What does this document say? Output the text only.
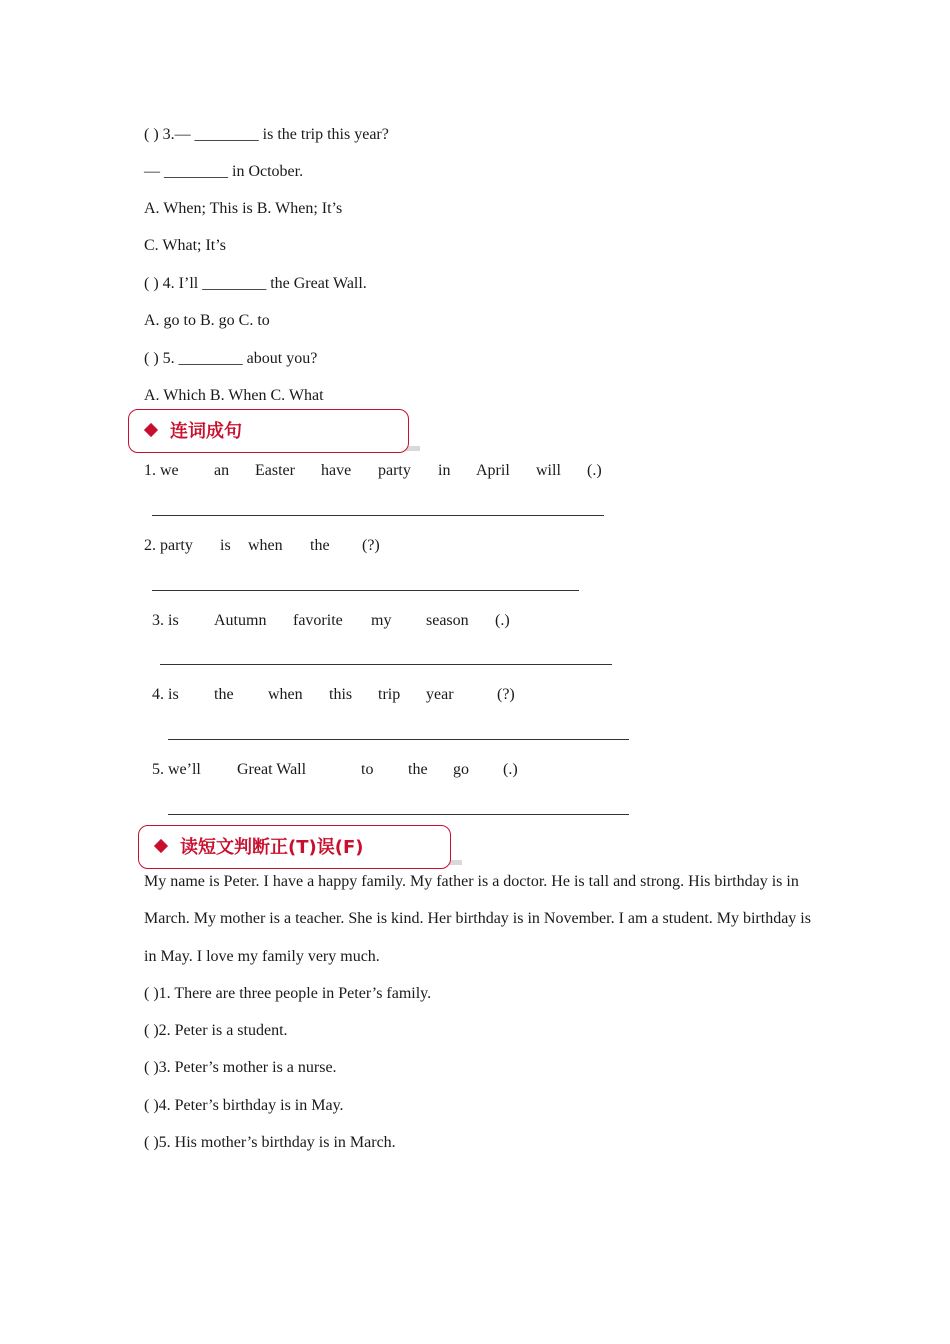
( ) 3.— ________ is the trip this year?
— ________ in October.
A. When; This is B. When; It’s
C. What; It’s
( ) 4. I’ll ________ the Great Wall.
A. go to B. go C. to
( ) 5. ________ about you?
A. Which B. When C. What
连词成句
1. we an Easter have party in April will (.)
2. party is when the (?)
3. is Autumn favorite my season (.)
4. is the when this trip year	(?)
5. we’ll Great Wall	to the go (.)
读短文判断正(T)误(F)
My name is Peter. I have a happy family. My father is a doctor. He is tall and strong. His birthday is in March. My mother is a teacher. She is kind. Her birthday is in November. I am a student. My birthday is in May. I love my family very much.
( )1. There are three people in Peter’s family.
( )2. Peter is a student.
( )3. Peter’s mother is a nurse.
( )4. Peter’s birthday is in May.
( )5. His mother’s birthday is in March.
